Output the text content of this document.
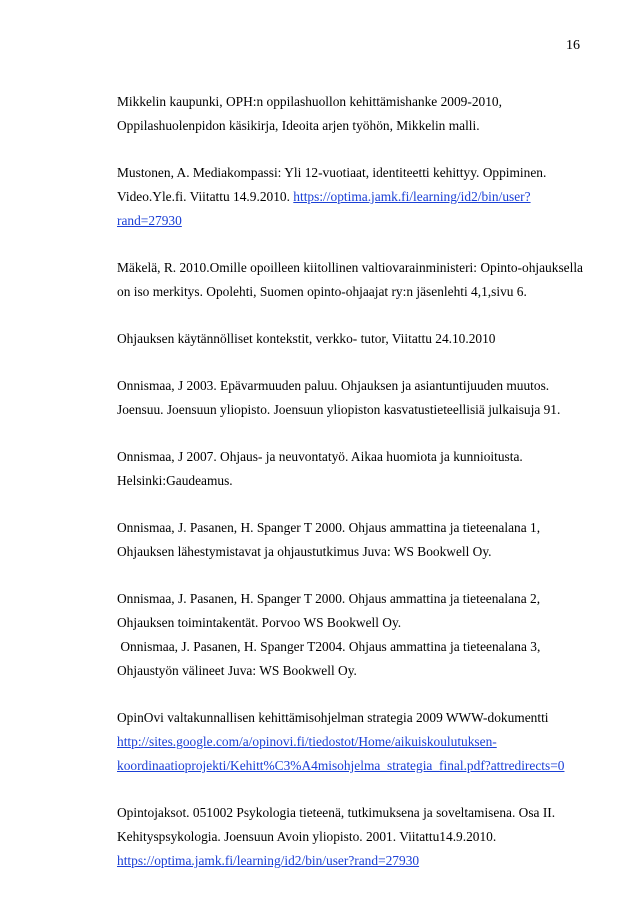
16
Mikkelin kaupunki, OPH:n oppilashuollon kehittämishanke 2009-2010,
Oppilashuolenpidon käsikirja, Ideoita arjen työhön, Mikkelin malli.
Mustonen, A. Mediakompassi: Yli 12-vuotiaat, identiteetti kehittyy. Oppiminen.
Video.Yle.fi. Viitattu 14.9.2010. https://optima.jamk.fi/learning/id2/bin/user?
rand=27930
Mäkelä, R. 2010.Omille opoilleen kiitollinen valtiovarainministeri: Opinto-ohjauksella
on iso merkitys. Opolehti, Suomen opinto-ohjaajat ry:n jäsenlehti 4,1,sivu 6.
Ohjauksen käytännölliset kontekstit, verkko- tutor, Viitattu 24.10.2010
Onnismaa, J 2003. Epävarmuuden paluu. Ohjauksen ja asiantuntijuuden muutos.
Joensuu. Joensuun yliopisto. Joensuun yliopiston kasvatustieteellisiä julkaisuja 91.
Onnismaa, J 2007. Ohjaus- ja neuvontatyö. Aikaa huomiota ja kunnioitusta.
Helsinki:Gaudeamus.
Onnismaa, J. Pasanen, H. Spanger T 2000. Ohjaus ammattina ja tieteenalana 1,
Ohjauksen lähestymistavat ja ohjaustutkimus Juva: WS Bookwell Oy.
Onnismaa, J. Pasanen, H. Spanger T 2000. Ohjaus ammattina ja tieteenalana 2,
Ohjauksen toimintakentät. Porvoo WS Bookwell Oy.
Onnismaa, J. Pasanen, H. Spanger T2004. Ohjaus ammattina ja tieteenalana 3,
Ohjaustyön välineet Juva: WS Bookwell Oy.
OpinOvi valtakunnallisen kehittämisohjelman strategia 2009 WWW-dokumentti
http://sites.google.com/a/opinovi.fi/tiedostot/Home/aikuiskoulutuksen-
koordinaatioprojekti/Kehitt%C3%A4misohjelma_strategia_final.pdf?attredirects=0
Opintojaksot. 051002 Psykologia tieteenä, tutkimuksena ja soveltamisena. Osa II.
Kehityspsykologia. Joensuun Avoin yliopisto. 2001. Viitattu14.9.2010.
https://optima.jamk.fi/learning/id2/bin/user?rand=27930
